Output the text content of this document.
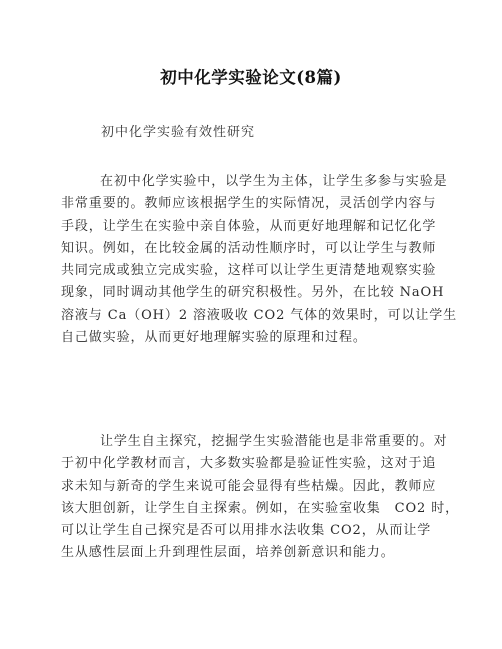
初中化学实验论文(8篇)
初中化学实验有效性研究
在初中化学实验中，以学生为主体，让学生多参与实验是
非常重要的。教师应该根据学生的实际情况，灵活创学内容与
手段，让学生在实验中亲自体验，从而更好地理解和记忆化学
知识。例如，在比较金属的活动性顺序时，可以让学生与教师
共同完成或独立完成实验，这样可以让学生更清楚地观察实验
现象，同时调动其他学生的研究积极性。另外，在比较 NaOH
溶液与 Ca（OH）2 溶液吸收 CO2 气体的效果时，可以让学生
自己做实验，从而更好地理解实验的原理和过程。
让学生自主探究，挖掘学生实验潜能也是非常重要的。对
于初中化学教材而言，大多数实验都是验证性实验，这对于追
求未知与新奇的学生来说可能会显得有些枯燥。因此，教师应
该大胆创新，让学生自主探索。例如，在实验室收集　CO2 时，
可以让学生自己探究是否可以用排水法收集 CO2，从而让学
生从感性层面上升到理性层面，培养创新意识和能力。
